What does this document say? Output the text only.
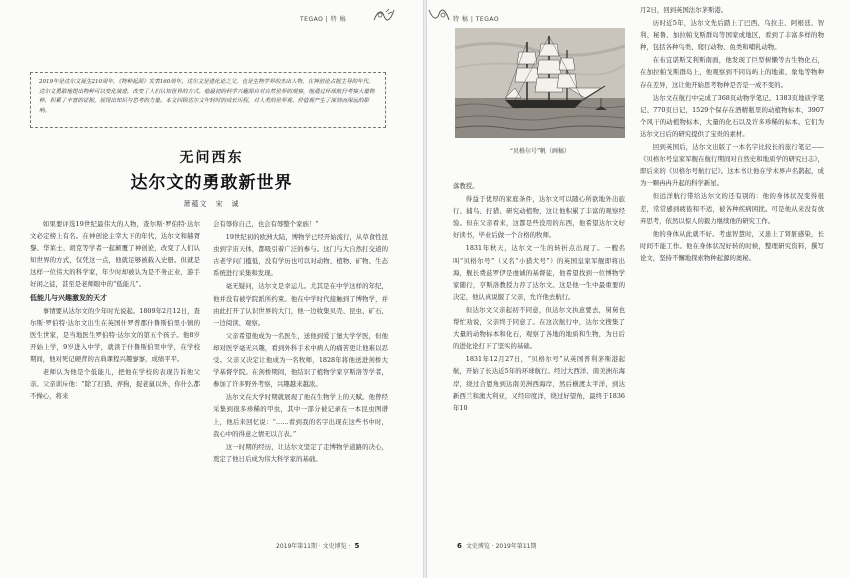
TEGAO | 特 稿
2019年是达尔文诞生210周年，《物种起源》发表160周年。达尔文是进化论之父，也是生物学界的杰出人物，在神创论占据主导的年代，达尔文勇敢地提出物种可以变化演进，改变了人们认知世界的方式。他最初的科学兴趣源自对自然世界的观察，他通过环球航行考察大量物种，积累了丰富的证据，展现出知识与思考的力量。本文回顾达尔文年轻时的成长历程，对人类的世界观、价值观产生了深刻而深远的影响。
无问西东
达尔文的勇敢新世界
萧蕴文　宋　诚

如果要评选19世纪最伟大的人物，查尔斯·罗伯特·达尔文必定榜上有名。在神创论主宰大下的年代，达尔文和赫胥黎、华莱士、胡克等学者一起颠覆了神创论，改变了人们认知世界的方式，仅凭这一点，他就足够被载入史册。但就是这样一位伟大的科学家，年少时却被认为是不务正业，游手好闲之徒，甚至是老师眼中的“低能儿”。

低能儿与兴趣激发的天才

事情要从达尔文的少年时光说起。1809年2月12日，查尔斯·罗伯特·达尔文出生在英国什罗普郡什鲁斯伯里小镇的医生世家，是当地医生罗伯特·达尔文的第五个孩子。他8岁开始上学，9岁进入中学，就读于什鲁斯伯里中学，在学校期间，他对死记硬背的古典课程兴趣寥寥，成绩平平。

老师认为他是个低能儿，把他在学校的表现告诉他父亲。父亲训斥他：“除了打猎、弄狗，捉老鼠以外，你什么都不操心，将来

会有辱你自己，也会有辱整个家族！”

19世纪初的欧洲大陆，博物学已经开始流行，从草食性昆虫到宇宙天体，都吸引着广泛的参与。这门与大自然打交道的古老学问门槛低，没有学历也可以对动物、植物、矿物、生态系统进行采集和发现。

毫无疑问，达尔文是幸运儿。尤其是在中学这样的年纪，他并没有被学院派所约束。他在中学时代接触到了博物学，并由此打开了认识世界的大门，他一边收集贝壳、昆虫、矿石，一边阅读、观察。

父亲希望他成为一名医生，送他到爱丁堡大学学医，但他却对医学毫无兴趣，看到外科手术中病人的痛苦更让他难以忍受。父亲又决定让他成为一名牧师，1828年将他送进剑桥大学基督学院。在剑桥期间，他结识了植物学家亨斯洛等学者，参加了许多野外考察，兴趣越来越浓。

达尔文在大学时期就展现了他在生物学上的天赋。他曾经采集到很多珍稀的甲虫，其中一部分被记录在一本昆虫图谱上，他后来回忆说：“……看到我的名字出现在这些书中时，我心中的得意之情无以言表。”

这一时期的经历，让达尔文坚定了走博物学道路的决心，奠定了他日后成为伟大科学家的基础。

2019年第11期 · 文史博览 · 5
特 稿 | TEGAO
“贝格尔号”帆（画稿）

落教授。

得益于优厚的家庭条件，达尔文可以随心所欲地外出旅行、捕鸟、打猎、研究动植物，这让他积累了丰富的观察经验。但在父亲看来，这都是些没用的东西，他希望达尔文好好读书，毕业后做一个合格的牧师。

1831年秋天，达尔文一生的转折点出现了。一艘名叫“贝格尔号”（又名“小猎犬号”）的英国皇家军舰即将出海，舰长费兹罗伊是虔诚的基督徒，他希望找到一位博物学家随行，亨斯洛教授力荐了达尔文。这是他一生中最重要的决定，他认真说服了父亲，允许他去航行。

但达尔文父亲起初不同意，但达尔文执意要去，舅舅也帮忙劝说，父亲终于同意了。在这次航行中，达尔文搜集了大量的动物标本和化石，观察了各地的地质和生物，为日后的进化论打下了坚实的基础。

1831年12月27日，“贝格尔号”从英国普利茅斯港起航，开始了长达近5年的环球航行。经过大西洋、南美洲东海岸，绕过合恩角到达南美洲西海岸，然后横渡太平洋，到达新西兰和澳大利亚，又经印度洋，绕过好望角，最终于1836年10

月2日，回到英国法尔茅斯港。

历时近5年，达尔文先后踏上了巴西、乌拉圭、阿根廷、智利、秘鲁、加拉帕戈斯群岛等国家或地区，看到了丰富多样的物种，包括各种鸟类、爬行动物、鱼类和哺乳动物。

在布宜诺斯艾利斯南面，他发现了巨型树懒等古生物化石，在加拉帕戈斯群岛上，他观察到不同岛屿上的地雀、象龟等物种存在差异，这让他开始思考物种是否是一成不变的。

达尔文在航行中完成了368页动物学笔记、1383页地质学笔记、770页日记，1529个保存在酒精瓶里的动植物标本，3907个风干的动植物标本，大量的化石以及许多珍稀的标本。它们为达尔文日后的研究提供了宝贵的素材。

回到英国后，达尔文出版了一本名字比较长的旅行笔记——《贝格尔号皇家军舰在航行期间对自然史和地质学的研究日志》，即后来的《贝格尔号航行记》。这本书让他在学术界声名鹊起，成为一颗冉冉升起的科学新星。

但远洋航行带给达尔文的还有别的：他的身体状况变得很差，常常感到疲倦和不适，被各种疾病困扰。可是他从来没有放弃思考，依然以惊人的毅力继续他的研究工作。

他的身体从此就不好。考虑智慧时，又患上了肾脏感染，长时间不能工作。他在身体状况好转的时候，整理研究资料，撰写论文，坚持不懈地探索物种起源的奥秘。

6 文史博览 · 2019年第11期
